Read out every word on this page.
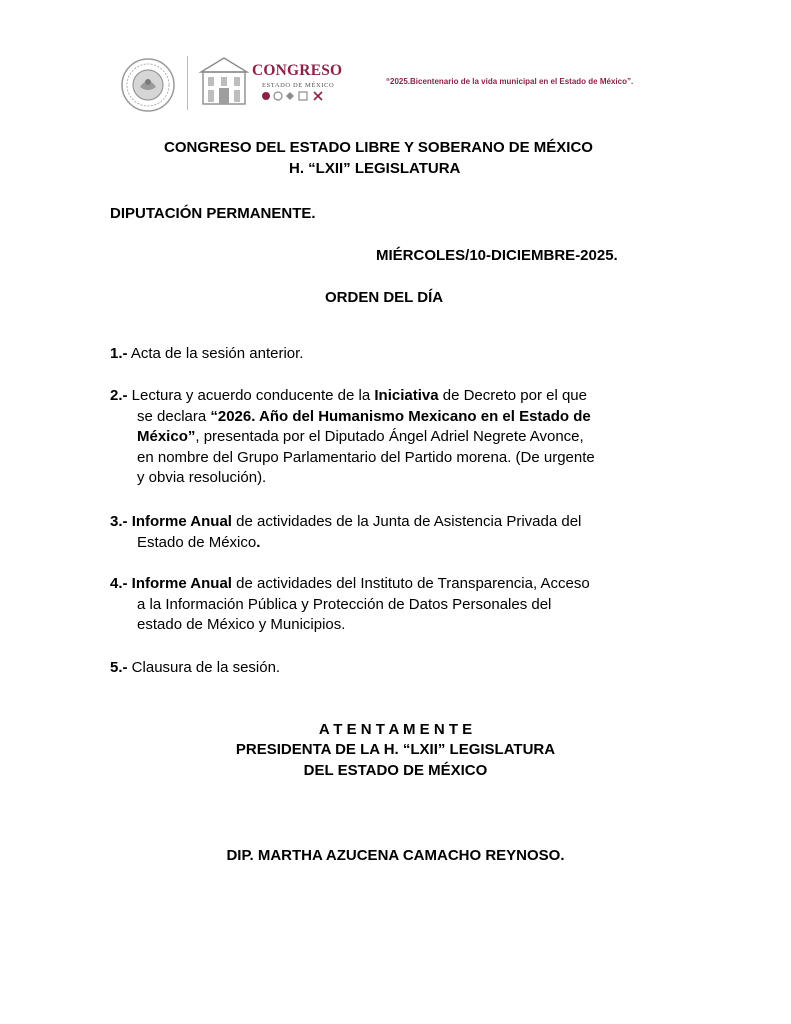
CONGRESO
ESTADO DE MÉXICO	“2025.Bicentenario de la vida municipal en el Estado de México”.
CONGRESO DEL ESTADO LIBRE Y SOBERANO DE MÉXICO
H. “LXII” LEGISLATURA
DIPUTACIÓN PERMANENTE.
MIÉRCOLES/10-DICIEMBRE-2025.
ORDEN DEL DÍA
1.- Acta de la sesión anterior.
2.- Lectura y acuerdo conducente de la Iniciativa de Decreto por el que
se declara “2026. Año del Humanismo Mexicano en el Estado de
México”, presentada por el Diputado Ángel Adriel Negrete Avonce,
en nombre del Grupo Parlamentario del Partido morena. (De urgente
y obvia resolución).
3.- Informe Anual de actividades de la Junta de Asistencia Privada del
Estado de México.
4.- Informe Anual de actividades del Instituto de Transparencia, Acceso
a la Información Pública y Protección de Datos Personales del
estado de México y Municipios.
5.- Clausura de la sesión.
A T E N T A M E N T E
PRESIDENTA DE LA H. “LXII” LEGISLATURA
DEL ESTADO DE MÉXICO
DIP. MARTHA AZUCENA CAMACHO REYNOSO.
